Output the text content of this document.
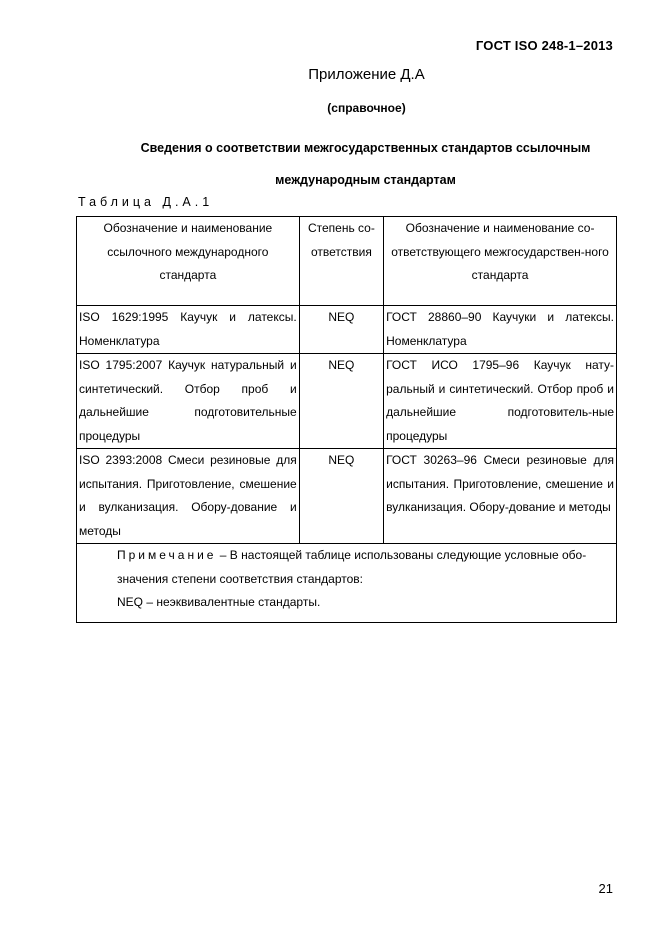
ГОСТ ISO 248-1–2013
Приложение Д.А
(справочное)
Сведения о соответствии межгосударственных стандартов ссылочным
международным стандартам
Таблица Д.А.1
Обозначение и наименование ссылочного международного стандарта	Степень со-ответствия	Обозначение и наименование со-ответствующего межгосударствен-ного стандарта
ISO 1629:1995 Каучук и латексы. Номенклатура	NEQ	ГОСТ 28860–90 Каучуки и латексы. Номенклатура
ISO 1795:2007 Каучук натуральный и синтетический. Отбор проб и дальнейшие подготовительные процедуры	NEQ	ГОСТ ИСО 1795–96 Каучук нату-ральный и синтетический. Отбор проб и дальнейшие подготовитель-ные процедуры
ISO 2393:2008 Смеси резиновые для испытания. Приготовление, смешение и вулканизация. Обору-дование и методы	NEQ	ГОСТ 30263–96 Смеси резиновые для испытания. Приготовление, смешение и вулканизация. Обору-дование и методы

Примечание – В настоящей таблице использованы следующие условные обо-значения степени соответствия стандартов:
NEQ – неэквивалентные стандарты.		
21
